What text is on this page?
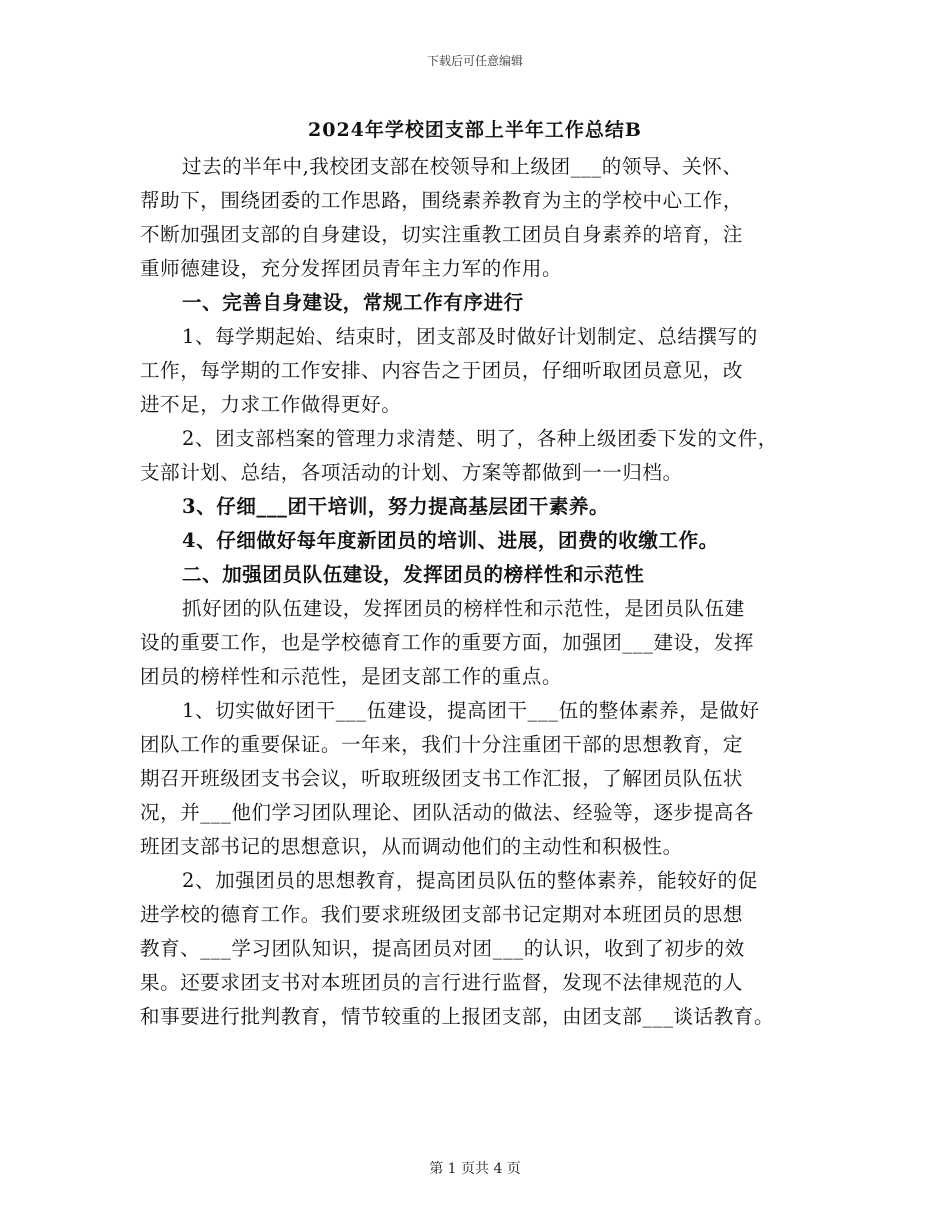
下载后可任意编辑
2024年学校团支部上半年工作总结B
过去的半年中,我校团支部在校领导和上级团___的领导、关怀、
帮助下，围绕团委的工作思路，围绕素养教育为主的学校中心工作，
不断加强团支部的自身建设，切实注重教工团员自身素养的培育，注
重师德建设，充分发挥团员青年主力军的作用。
一、完善自身建设，常规工作有序进行
1、每学期起始、结束时，团支部及时做好计划制定、总结撰写的
工作，每学期的工作安排、内容告之于团员，仔细听取团员意见，改
进不足，力求工作做得更好。
2、团支部档案的管理力求清楚、明了，各种上级团委下发的文件，
支部计划、总结，各项活动的计划、方案等都做到一一归档。
3、仔细___团干培训，努力提高基层团干素养。
4、仔细做好每年度新团员的培训、进展，团费的收缴工作。
二、加强团员队伍建设，发挥团员的榜样性和示范性
抓好团的队伍建设，发挥团员的榜样性和示范性，是团员队伍建
设的重要工作，也是学校德育工作的重要方面，加强团___建设，发挥
团员的榜样性和示范性，是团支部工作的重点。
1、切实做好团干___伍建设，提高团干___伍的整体素养，是做好
团队工作的重要保证。一年来，我们十分注重团干部的思想教育，定
期召开班级团支书会议，听取班级团支书工作汇报，了解团员队伍状
况，并___他们学习团队理论、团队活动的做法、经验等，逐步提高各
班团支部书记的思想意识，从而调动他们的主动性和积极性。
2、加强团员的思想教育，提高团员队伍的整体素养，能较好的促
进学校的德育工作。我们要求班级团支部书记定期对本班团员的思想
教育、___学习团队知识，提高团员对团___的认识，收到了初步的效
果。还要求团支书对本班团员的言行进行监督，发现不法律规范的人
和事要进行批判教育，情节较重的上报团支部，由团支部___谈话教育。
第 1 页共 4 页
